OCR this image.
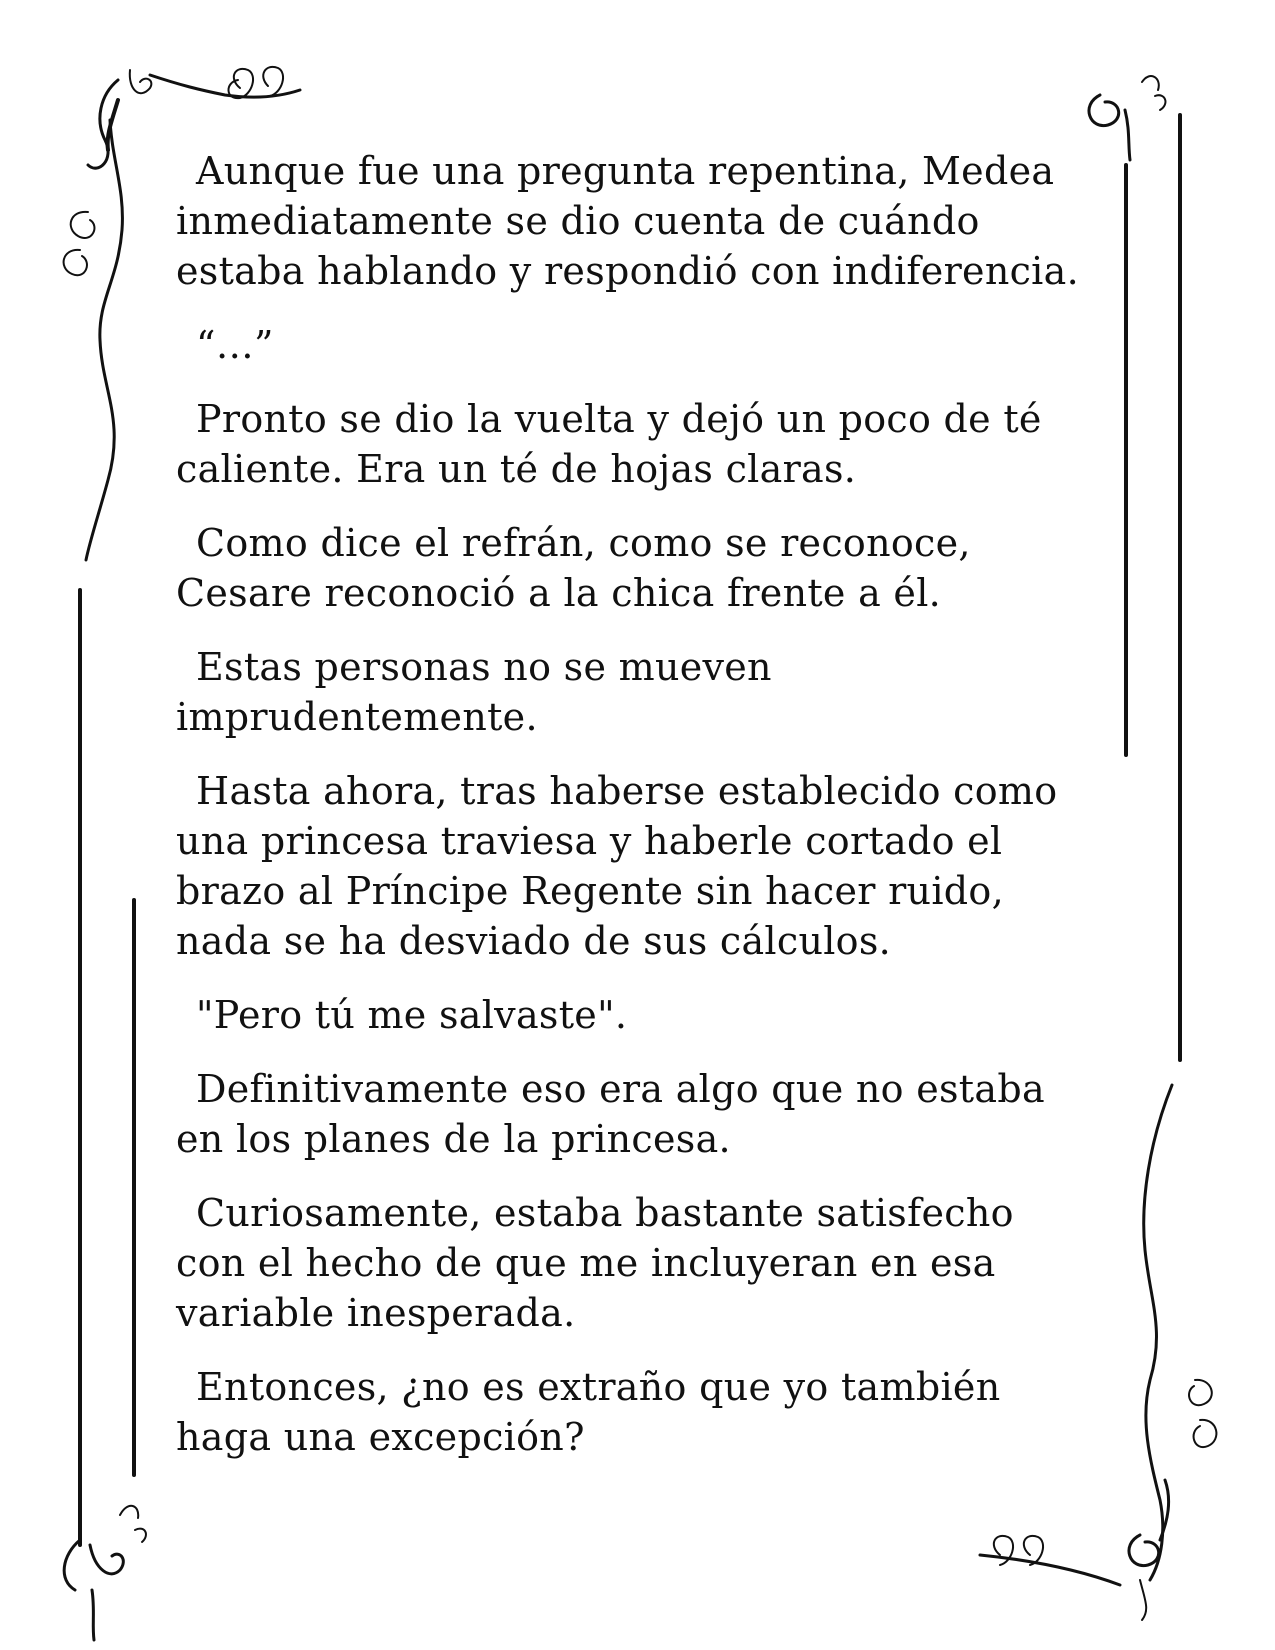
Aunque fue una pregunta repentina, Medea inmediatamente se dio cuenta de cuándo estaba hablando y respondió con indiferencia.

“…”

Pronto se dio la vuelta y dejó un poco de té caliente. Era un té de hojas claras.

Como dice el refrán, como se reconoce, Cesare reconoció a la chica frente a él.

Estas personas no se mueven imprudentemente.

Hasta ahora, tras haberse establecido como una princesa traviesa y haberle cortado el brazo al Príncipe Regente sin hacer ruido, nada se ha desviado de sus cálculos.

"Pero tú me salvaste".

Definitivamente eso era algo que no estaba en los planes de la princesa.

Curiosamente, estaba bastante satisfecho con el hecho de que me incluyeran en esa variable inesperada.

Entonces, ¿no es extraño que yo también haga una excepción?
